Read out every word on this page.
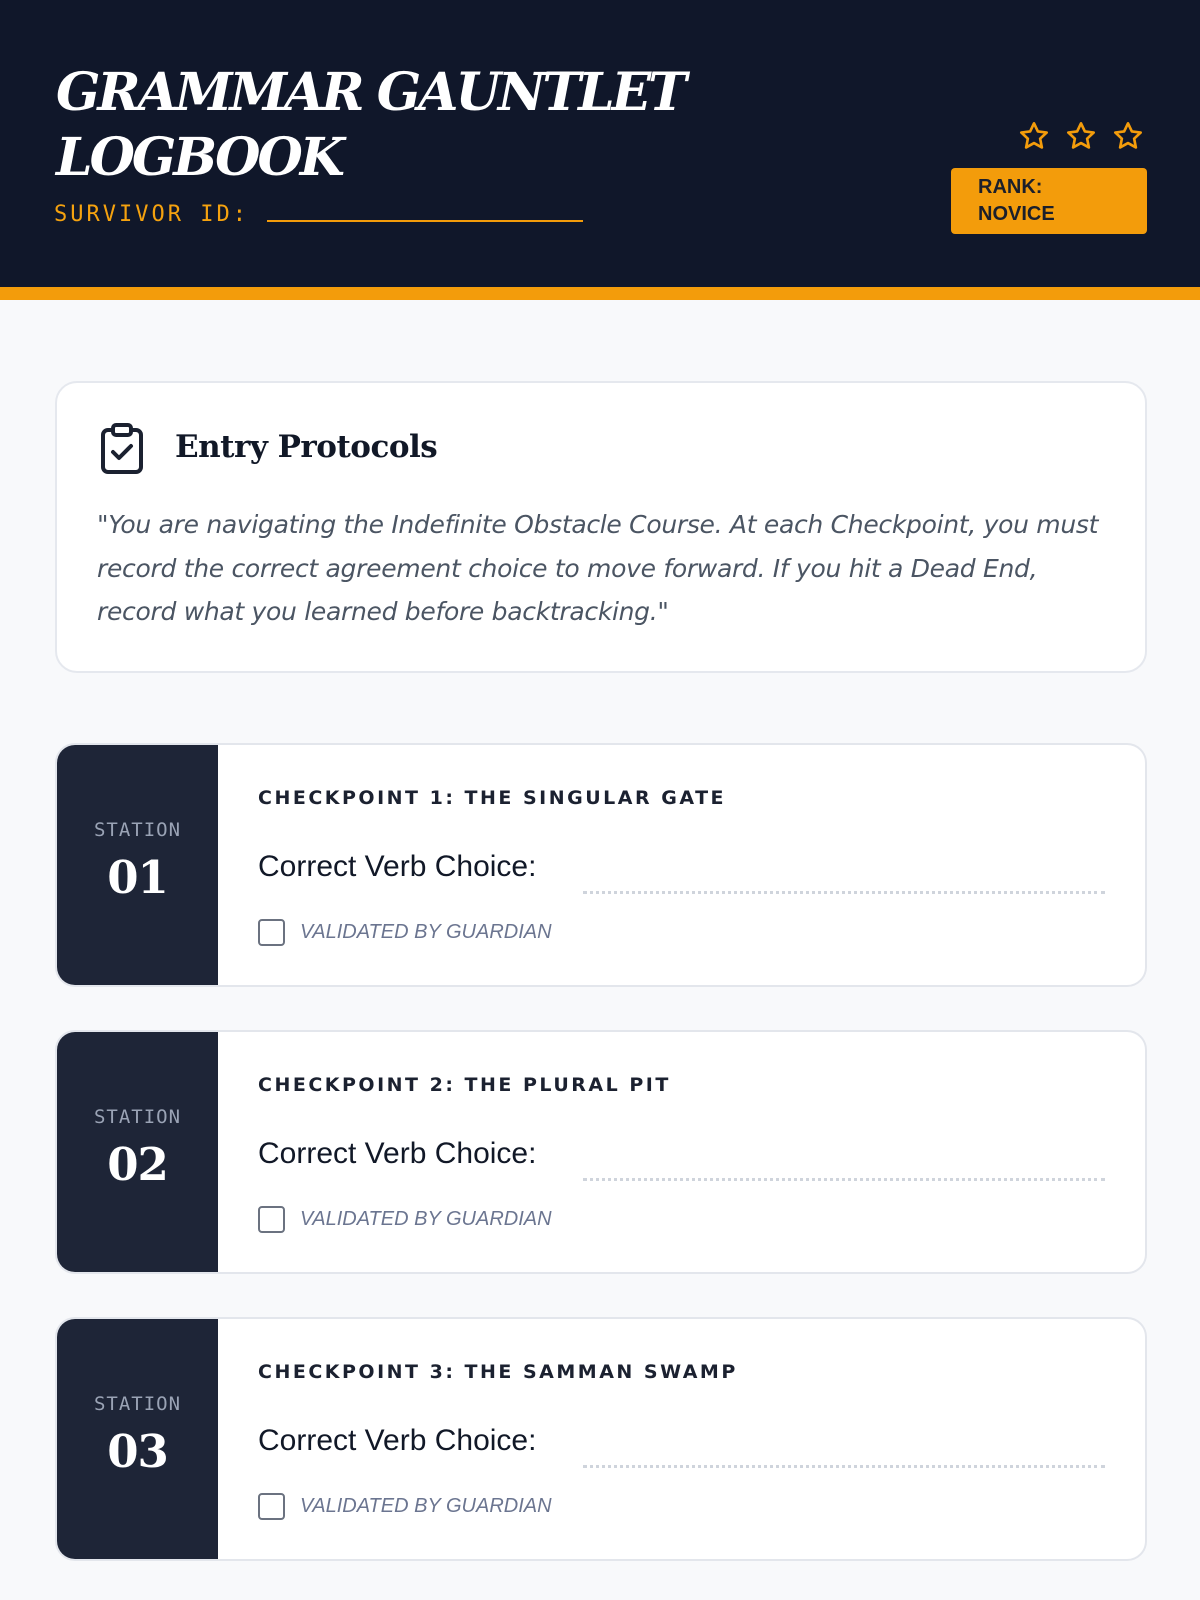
GRAMMAR GAUNTLET LOGBOOK
SURVIVOR ID:
RANK:
NOVICE
Entry Protocols

"You are navigating the Indefinite Obstacle Course. At each Checkpoint, you must record the correct agreement choice to move forward. If you hit a Dead End, record what you learned before backtracking."

STATION
01
CHECKPOINT 1: THE SINGULAR GATE
Correct Verb Choice:
VALIDATED BY GUARDIAN
STATION
02
CHECKPOINT 2: THE PLURAL PIT
Correct Verb Choice:
VALIDATED BY GUARDIAN
STATION
03
CHECKPOINT 3: THE SAMMAN SWAMP
Correct Verb Choice:
VALIDATED BY GUARDIAN
